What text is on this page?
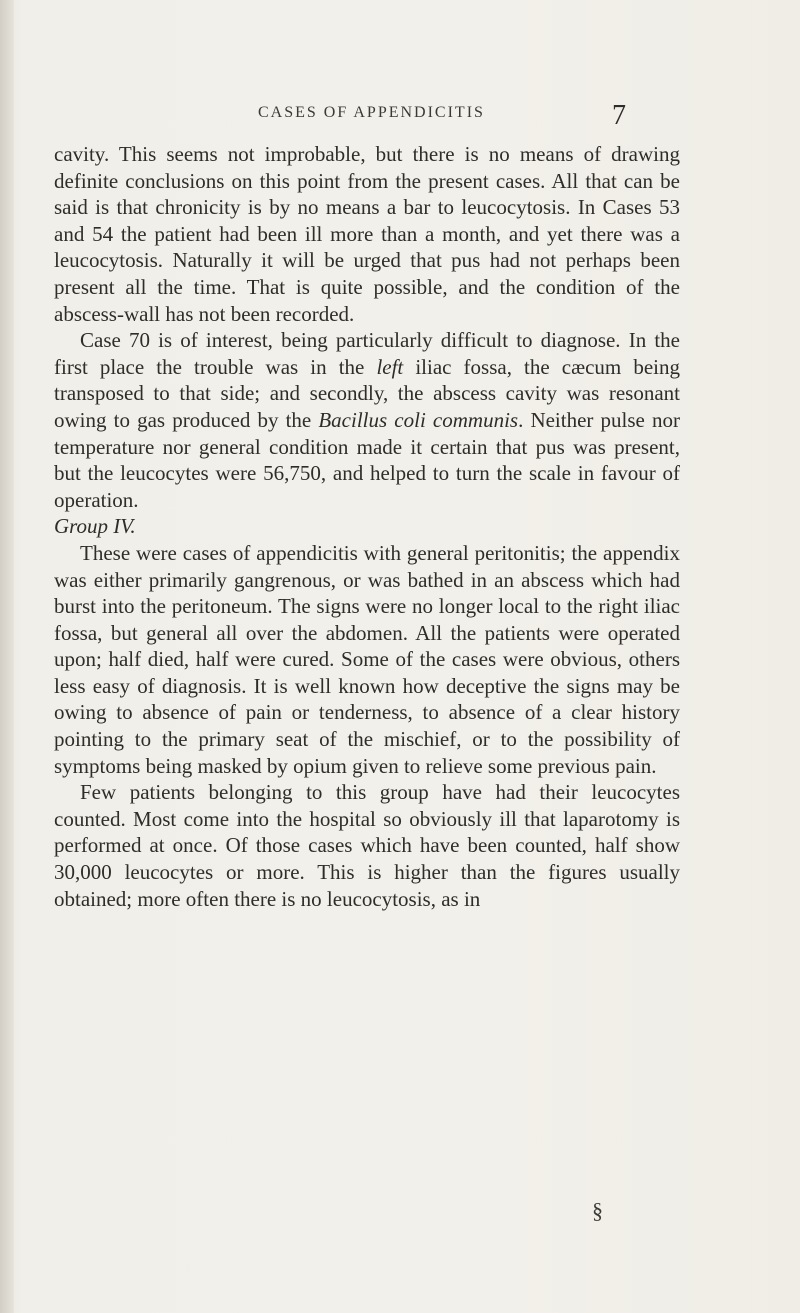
CASES OF APPENDICITIS	7

cavity. This seems not improbable, but there is no means of drawing definite conclusions on this point from the present cases. All that can be said is that chronicity is by no means a bar to leucocytosis. In Cases 53 and 54 the patient had been ill more than a month, and yet there was a leucocytosis. Naturally it will be urged that pus had not perhaps been present all the time. That is quite possible, and the condition of the abscess-wall has not been recorded.

Case 70 is of interest, being particularly difficult to diagnose. In the first place the trouble was in the left iliac fossa, the cæcum being transposed to that side; and secondly, the abscess cavity was resonant owing to gas produced by the Bacillus coli communis. Neither pulse nor temperature nor general condition made it certain that pus was present, but the leucocytes were 56,750, and helped to turn the scale in favour of operation.

Group IV.

These were cases of appendicitis with general peritonitis; the appendix was either primarily gangrenous, or was bathed in an abscess which had burst into the peritoneum. The signs were no longer local to the right iliac fossa, but general all over the abdomen. All the patients were operated upon; half died, half were cured. Some of the cases were obvious, others less easy of diagnosis. It is well known how deceptive the signs may be owing to absence of pain or tenderness, to absence of a clear history pointing to the primary seat of the mischief, or to the possibility of symptoms being masked by opium given to relieve some previous pain.

Few patients belonging to this group have had their leucocytes counted. Most come into the hospital so obviously ill that laparotomy is performed at once. Of those cases which have been counted, half show 30,000 leucocytes or more. This is higher than the figures usually obtained; more often there is no leucocytosis, as in

§
